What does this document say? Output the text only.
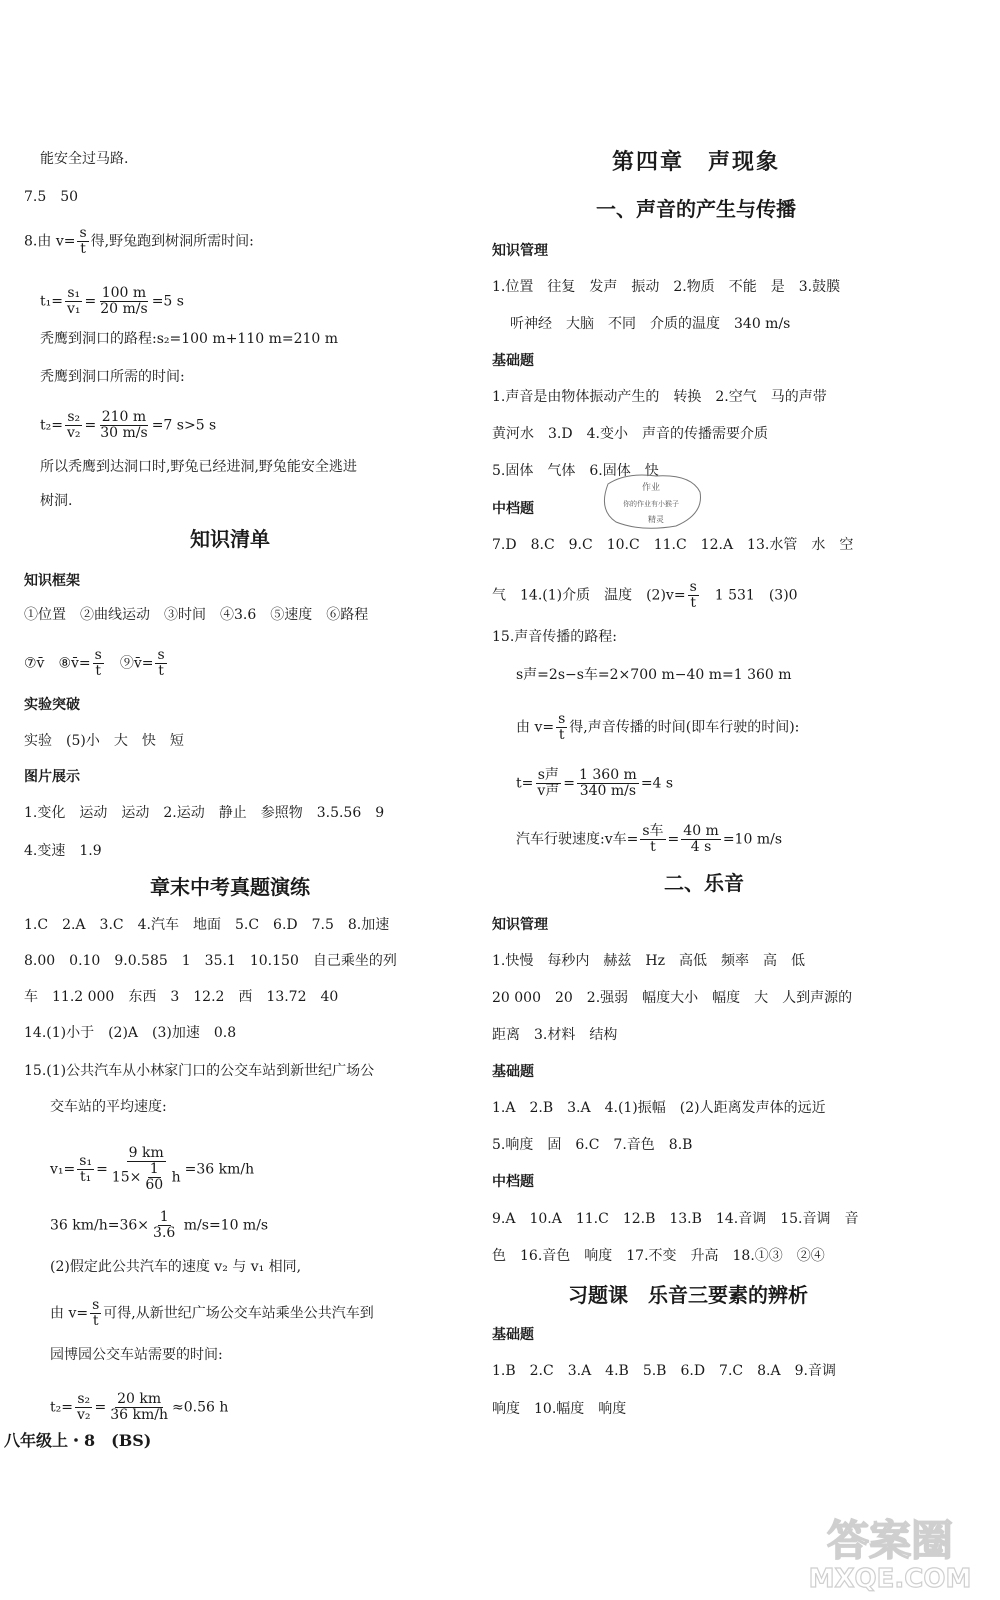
能安全过马路.
7.5　50
8.由 $v= \frac{s}{t}$ 得,野兔跑到树洞所需时间:
$t_1= \frac{\text{s₁}}{\text{v₁}} = \frac{100 m}{20 m/s} =5$ s
秃鹰到洞口的路程:s₂=100 m+110 m=210 m
秃鹰到洞口所需的时间:
$t_2= \frac{\text{s₂}}{\text{v₂}} = \frac{210 m}{30 m/s} =7$ s>5 s
所以秃鹰到达洞口时,野兔已经进洞,野兔能安全逃进
树洞.
知识清单
知识框架
①位置　②曲线运动　③时间　④3.6　⑤速度　⑥路程
⑦v̄　⑧v̄= $\frac{s}{t}$ 　⑨v̄= $\frac{s}{t}$
实验突破
实验　(5)小　大　快　短
图片展示
1.变化　运动　运动　2.运动　静止　参照物　3.5.56　9
4.变速　1.9
章末中考真题演练
1.C　2.A　3.C　4.汽车　地面　5.C　6.D　7.5　8.加速
8.00　0.10　9.0.585　1　35.1　10.150　自己乘坐的列
车　11.2 000　东西　3　12.2　西　13.72　40
14.(1)小于　(2)A　(3)加速　0.8
15.(1)公共汽车从小林家门口的公交车站到新世纪广场公
交车站的平均速度:
$v_1= \frac{\text{s₁}}{\text{t₁}} = \frac{9 km}{15\times \frac{1}{60} h} =36$ km/h
36 $km/h=36\times \frac{1}{3.6} m/s=10$ m/s
(2)假定此公共汽车的速度 v₂ 与 v₁ 相同,
由 $v= \frac{s}{t}$ 可得,从新世纪广场公交车站乘坐公共汽车到
园博园公交车站需要的时间:
$t_2= \frac{\text{s₂}}{\text{v₂}} = \frac{20 km}{36 km/h} \approx 0.56$ h
八年级上・8　(BS)
第四章　声现象
一、声音的产生与传播
知识管理
1.位置　往复　发声　振动　2.物质　不能　是　3.鼓膜
听神经　大脑　不同　介质的温度　340 m/s
基础题
1.声音是由物体振动产生的　转换　2.空气　马的声带
黄河水　3.D　4.变小　声音的传播需要介质
5.固体　气体　6.固体　快
作业
你的作业有小猴子
精灵
中档题
7.D　8.C　9.C　10.C　11.C　12.A　13.水管　水　空
气　14.(1)介质　温度　$(2)v= \frac{s}{t}$ 　1 531　(3)0
15.声音传播的路程:
s声=2s−s车=2×700 m−40 m=1 360 m
由 $v= \frac{s}{t}$ 得,声音传播的时间(即车行驶的时间):
$t= \frac{\text{s声}}{\text{v声}} = \frac{1 360 m}{340 m/s} =4$ s
汽车行驶速度:v车= $\frac{\text{s车}}{t} = \frac{40 m}{4 s} =10$ m/s
二、乐音
知识管理
1.快慢　每秒内　赫兹　Hz　高低　频率　高　低
20 000　20　2.强弱　幅度大小　幅度　大　人到声源的
距离　3.材料　结构
基础题
1.A　2.B　3.A　4.(1)振幅　(2)人距离发声体的远近
5.响度　固　6.C　7.音色　8.B
中档题
9.A　10.A　11.C　12.B　13.B　14.音调　15.音调　音
色　16.音色　响度　17.不变　升高　18.①③　②④
习题课　乐音三要素的辨析
基础题
1.B　2.C　3.A　4.B　5.B　6.D　7.C　8.A　9.音调
响度　10.幅度　响度
答案圈
MXQE.COM
